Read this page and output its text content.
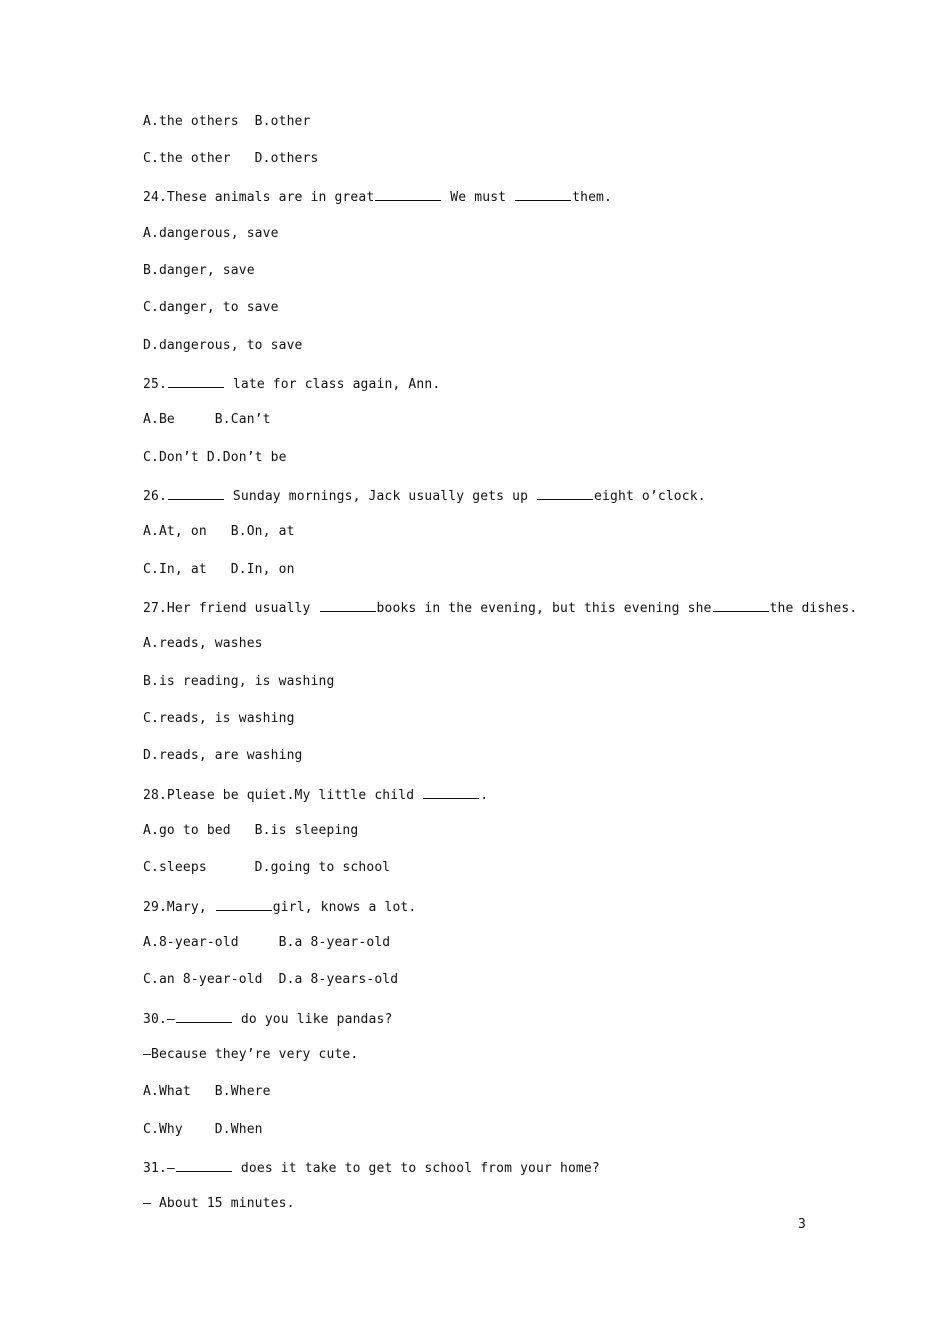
A.the others  B.other
C.the other   D.others
24.These animals are in great	We must	them.
A.dangerous, save
B.danger, save
C.danger, to save
D.dangerous, to save
25.	late for class again, Ann.
A.Be     B.Can’t
C.Don’t D.Don’t be
26.	Sunday mornings, Jack usually gets up	eight o’clock.
A.At, on   B.On, at
C.In, at   D.In, on
27.Her friend usually	books in the evening, but this evening she	the dishes.
A.reads, washes
B.is reading, is washing
C.reads, is washing
D.reads, are washing
28.Please be quiet.My little child	.
A.go to bed   B.is sleeping
C.sleeps      D.going to school
29.Mary,	girl, knows a lot.
A.8-year-old     B.a 8-year-old
C.an 8-year-old  D.a 8-years-old
30.—	do you like pandas?
—Because they’re very cute.
A.What   B.Where
C.Why    D.When
31.—	does it take to get to school from your home?
— About 15 minutes.
3
